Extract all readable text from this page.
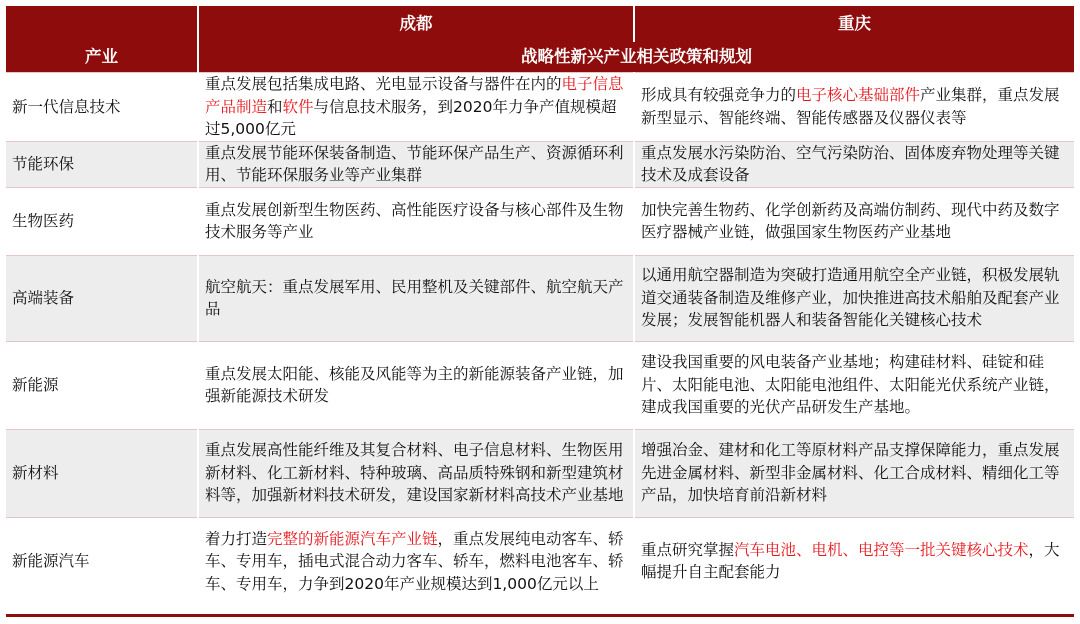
	成都	重庆
产业	战略性新兴产业相关政策和规划	
新一代信息技术	重点发展包括集成电路、光电显示设备与器件在内的电子信息产品制造和软件与信息技术服务，到2020年力争产值规模超过5,000亿元	形成具有较强竞争力的电子核心基础部件产业集群，重点发展新型显示、智能终端、智能传感器及仪器仪表等
节能环保	重点发展节能环保装备制造、节能环保产品生产、资源循环利用、节能环保服务业等产业集群	重点发展水污染防治、空气污染防治、固体废弃物处理等关键技术及成套设备
生物医药	重点发展创新型生物医药、高性能医疗设备与核心部件及生物技术服务等产业	加快完善生物药、化学创新药及高端仿制药、现代中药及数字医疗器械产业链，做强国家生物医药产业基地
高端装备	航空航天：重点发展军用、民用整机及关键部件、航空航天产品	以通用航空器制造为突破打造通用航空全产业链，积极发展轨道交通装备制造及维修产业，加快推进高技术船舶及配套产业发展；发展智能机器人和装备智能化关键核心技术
新能源	重点发展太阳能、核能及风能等为主的新能源装备产业链，加强新能源技术研发	建设我国重要的风电装备产业基地；构建硅材料、硅锭和硅片、太阳能电池、太阳能电池组件、太阳能光伏系统产业链，建成我国重要的光伏产品研发生产基地。
新材料	重点发展高性能纤维及其复合材料、电子信息材料、生物医用新材料、化工新材料、特种玻璃、高品质特殊钢和新型建筑材料等，加强新材料技术研发，建设国家新材料高技术产业基地	增强冶金、建材和化工等原材料产品支撑保障能力，重点发展先进金属材料、新型非金属材料、化工合成材料、精细化工等产品，加快培育前沿新材料
新能源汽车	着力打造完整的新能源汽车产业链，重点发展纯电动客车、轿车、专用车，插电式混合动力客车、轿车，燃料电池客车、轿车、专用车，力争到2020年产业规模达到1,000亿元以上	重点研究掌握汽车电池、电机、电控等一批关键核心技术，大幅提升自主配套能力
